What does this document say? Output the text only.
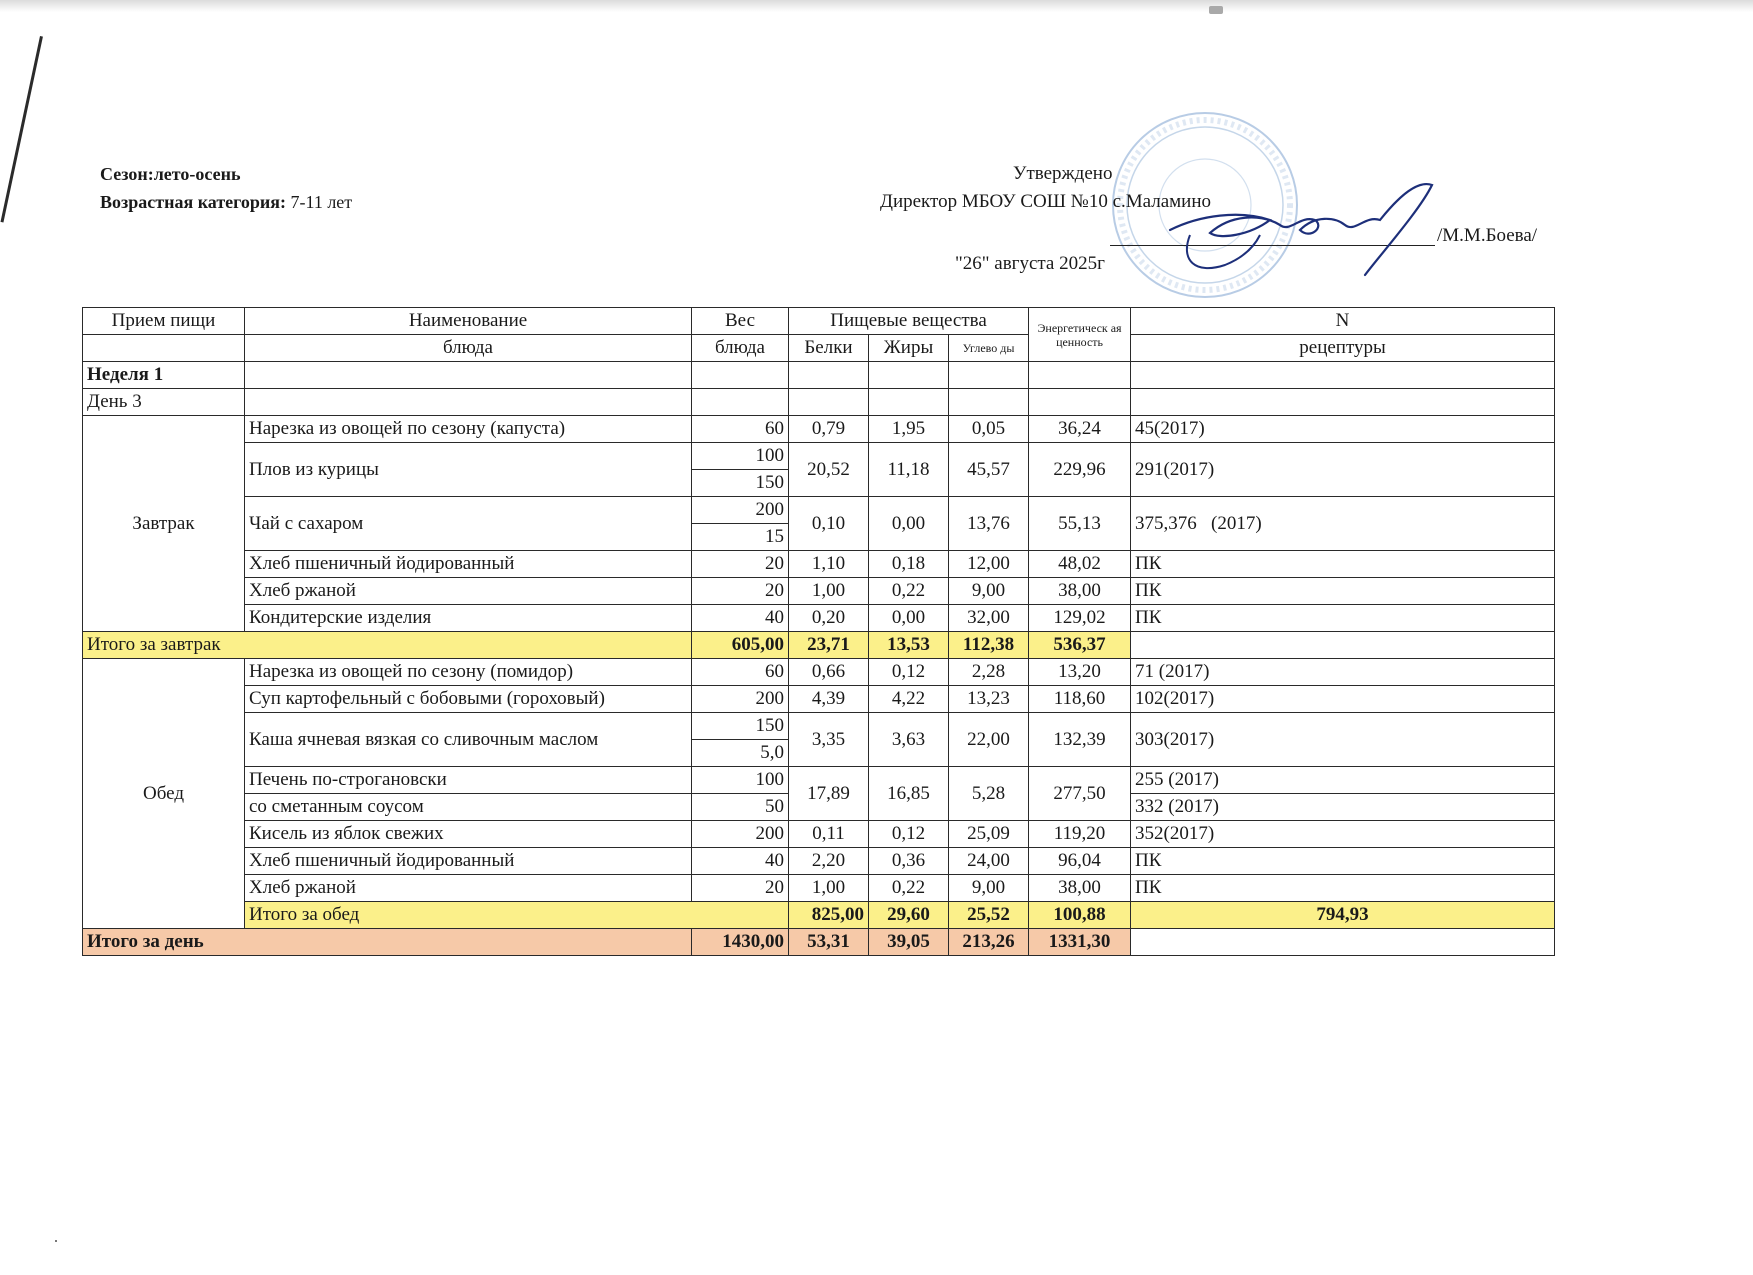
Сезон:лето-осень
Возрастная категория: 7-11 лет
Утверждено
Директор МБОУ СОШ №10 с.Маламино
/М.М.Боева/
"26" августа 2025г
Прием пищи	Наименование	Вес	Пищевые вещества			Энергетическ ая ценность	N	
	блюда	блюда	Белки	Жиры	Углево ды		рецептуры	
Неделя 1								
День 3								
Завтрак	Нарезка из овощей по сезону (капуста)	60	0,79	1,95	0,05	36,24	45(2017)	
	Плов из курицы	100	20,52	11,18	45,57	229,96	291(2017)	
		150						
	Чай с сахаром	200	0,10	0,00	13,76	55,13	375,376   (2017)	
		15						
	Хлеб пшеничный йодированный	20	1,10	0,18	12,00	48,02	ПК	
	Хлеб ржаной	20	1,00	0,22	9,00	38,00	ПК	
	Кондитерские изделия	40	0,20	0,00	32,00	129,02	ПК	
Итого за завтрак		605,00	23,71	13,53	112,38	536,37		
Обед	Нарезка из овощей по сезону (помидор)	60	0,66	0,12	2,28	13,20	71 (2017)	
	Суп картофельный с бобовыми (гороховый)	200	4,39	4,22	13,23	118,60	102(2017)	
	Каша ячневая вязкая со сливочным маслом	150	3,35	3,63	22,00	132,39	303(2017)	
		5,0						
	Печень по-строгановски	100	17,89	16,85	5,28	277,50	255 (2017)	
	со сметанным соусом	50					332 (2017)	
	Кисель из яблок свежих	200	0,11	0,12	25,09	119,20	352(2017)	
	Хлеб пшеничный йодированный	40	2,20	0,36	24,00	96,04	ПК	
	Хлеб ржаной	20	1,00	0,22	9,00	38,00	ПК	
	Итого за обед		825,00	29,60	25,52	100,88	794,93	
Итого за день		1430,00	53,31	39,05	213,26	1331,30		
